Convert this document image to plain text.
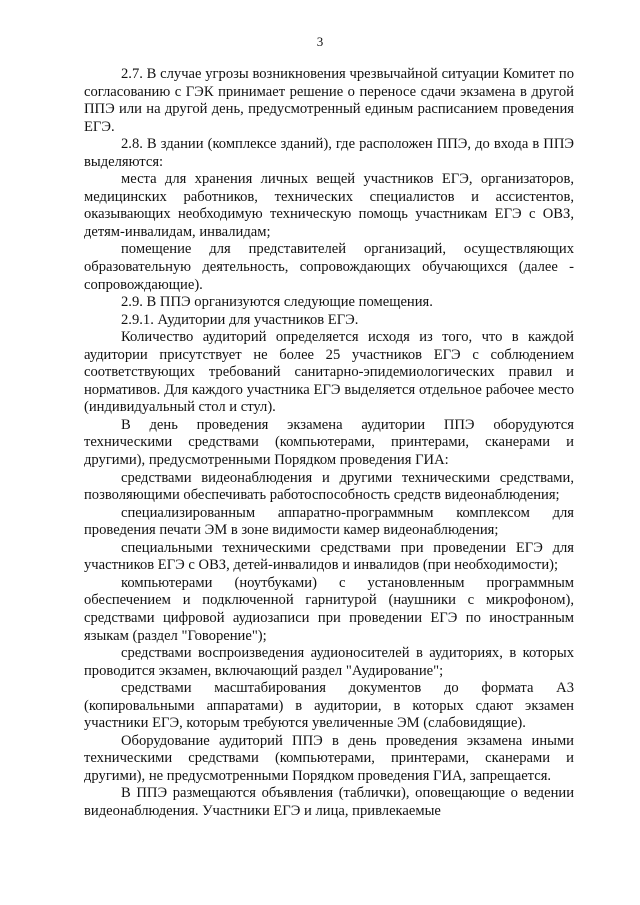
3

2.7. В случае угрозы возникновения чрезвычайной ситуации Комитет по согласованию с ГЭК принимает решение о переносе сдачи экзамена в другой ППЭ или на другой день, предусмотренный единым расписанием проведения ЕГЭ.

2.8. В здании (комплексе зданий), где расположен ППЭ, до входа в ППЭ выделяются:

места для хранения личных вещей участников ЕГЭ, организаторов, медицинских работников, технических специалистов и ассистентов, оказывающих необходимую техническую помощь участникам ЕГЭ с ОВЗ, детям-инвалидам, инвалидам;

помещение для представителей организаций, осуществляющих образовательную деятельность, сопровождающих обучающихся (далее - сопровождающие).

2.9. В ППЭ организуются следующие помещения.

2.9.1. Аудитории для участников ЕГЭ.

Количество аудиторий определяется исходя из того, что в каждой аудитории присутствует не более 25 участников ЕГЭ с соблюдением соответствующих требований санитарно-эпидемиологических правил и нормативов. Для каждого участника ЕГЭ выделяется отдельное рабочее место (индивидуальный стол и стул).

В день проведения экзамена аудитории ППЭ оборудуются техническими средствами (компьютерами, принтерами, сканерами и другими), предусмотренными Порядком проведения ГИА:

средствами видеонаблюдения и другими техническими средствами, позволяющими обеспечивать работоспособность средств видеонаблюдения;

специализированным аппаратно-программным комплексом для проведения печати ЭМ в зоне видимости камер видеонаблюдения;

специальными техническими средствами при проведении ЕГЭ для участников ЕГЭ с ОВЗ, детей-инвалидов и инвалидов (при необходимости);

компьютерами (ноутбуками) с установленным программным обеспечением и подключенной гарнитурой (наушники с микрофоном), средствами цифровой аудиозаписи при проведении ЕГЭ по иностранным языкам (раздел "Говорение");

средствами воспроизведения аудионосителей в аудиториях, в которых проводится экзамен, включающий раздел "Аудирование";

средствами масштабирования документов до формата А3 (копировальными аппаратами) в аудитории, в которых сдают экзамен участники ЕГЭ, которым требуются увеличенные ЭМ (слабовидящие).

Оборудование аудиторий ППЭ в день проведения экзамена иными техническими средствами (компьютерами, принтерами, сканерами и другими), не предусмотренными Порядком проведения ГИА, запрещается.

В ППЭ размещаются объявления (таблички), оповещающие о ведении видеонаблюдения. Участники ЕГЭ и лица, привлекаемые
